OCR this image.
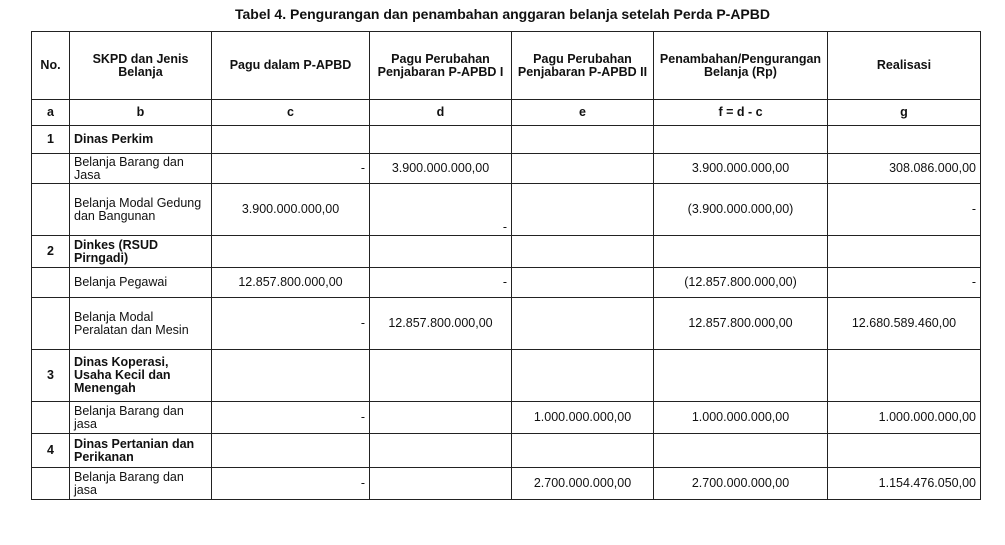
Tabel 4. Pengurangan dan penambahan anggaran belanja setelah Perda P-APBD
No.	SKPD dan Jenis Belanja	Pagu dalam P-APBD	Pagu Perubahan Penjabaran P-APBD I	Pagu Perubahan Penjabaran P-APBD II	Penambahan/Pengurangan Belanja (Rp)	Realisasi
a	b	c	d	e	f = d - c	g
1	Dinas Perkim					
	Belanja Barang dan Jasa	-	3.900.000.000,00		3.900.000.000,00	308.086.000,00
	Belanja Modal Gedung dan Bangunan	3.900.000.000,00	-		(3.900.000.000,00)	-
2	Dinkes (RSUD Pirngadi)					
	Belanja Pegawai	12.857.800.000,00	-		(12.857.800.000,00)	-
	Belanja Modal Peralatan dan Mesin	-	12.857.800.000,00		12.857.800.000,00	12.680.589.460,00
3	Dinas Koperasi, Usaha Kecil dan Menengah					
	Belanja Barang dan jasa	-		1.000.000.000,00	1.000.000.000,00	1.000.000.000,00
4	Dinas Pertanian dan Perikanan					
	Belanja Barang dan jasa	-		2.700.000.000,00	2.700.000.000,00	1.154.476.050,00
